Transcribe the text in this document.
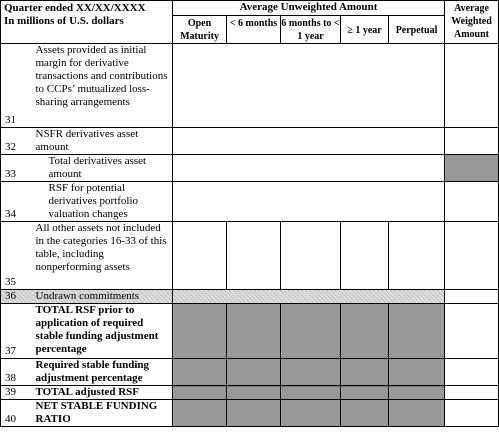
Quarter ended XX/XX/XXXX
In millions of U.S. dollars		Average Unweighted Amount					Average Weighted Amount
		Open Maturity	< 6 months	6 months to < 1 year	≥ 1 year	Perpetual	
31	Assets provided as initial margin for derivative transactions and contributions to CCPs’ mutualized loss-sharing arrangements						
32	NSFR derivatives asset amount						
33	Total derivatives asset amount						
34	RSF for potential derivatives portfolio valuation changes						
35	All other assets not included in the categories 16-33 of this table, including nonperforming assets						
36	Undrawn commitments						
37	TOTAL RSF prior to application of required stable funding adjustment percentage						
38	Required stable funding adjustment percentage						
39	TOTAL adjusted RSF						
40	NET STABLE FUNDING RATIO						
